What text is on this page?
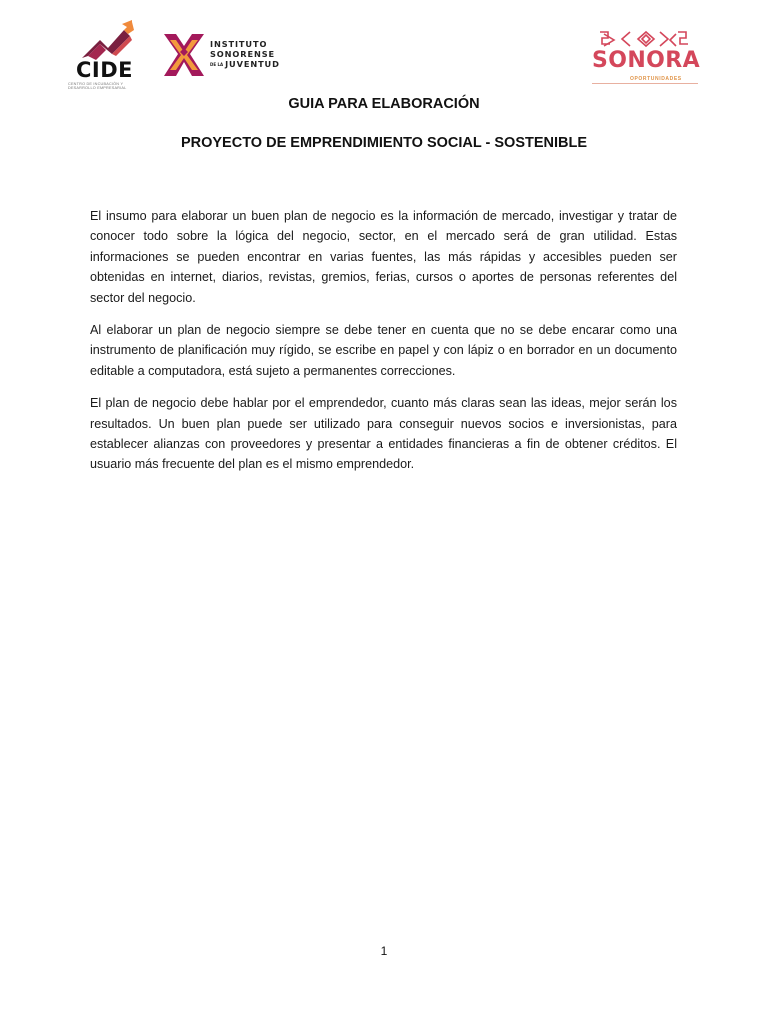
CIDE
CENTRO DE INCUBACIÓN Y DESARROLLO EMPRESARIAL
INSTITUTO
SONORENSE
DE LA JUVENTUD	SONORA
OPORTUNIDADES
GUIA PARA ELABORACIÓN
PROYECTO DE EMPRENDIMIENTO SOCIAL - SOSTENIBLE

El insumo para elaborar un buen plan de negocio es la información de mercado, investigar y tratar de conocer todo sobre la lógica del negocio, sector, en el mercado será de gran utilidad. Estas informaciones se pueden encontrar en varias fuentes, las más rápidas y accesibles pueden ser obtenidas en internet, diarios, revistas, gremios, ferias, cursos o aportes de personas referentes del sector del negocio.

Al elaborar un plan de negocio siempre se debe tener en cuenta que no se debe encarar como una instrumento de planificación muy rígido, se escribe en papel y con lápiz o en borrador en un documento editable a computadora, está sujeto a permanentes correcciones.

El plan de negocio debe hablar por el emprendedor, cuanto más claras sean las ideas, mejor serán los resultados. Un buen plan puede ser utilizado para conseguir nuevos socios e inversionistas, para establecer alianzas con proveedores y presentar a entidades financieras a fin de obtener créditos. El usuario más frecuente del plan es el mismo emprendedor.

1
